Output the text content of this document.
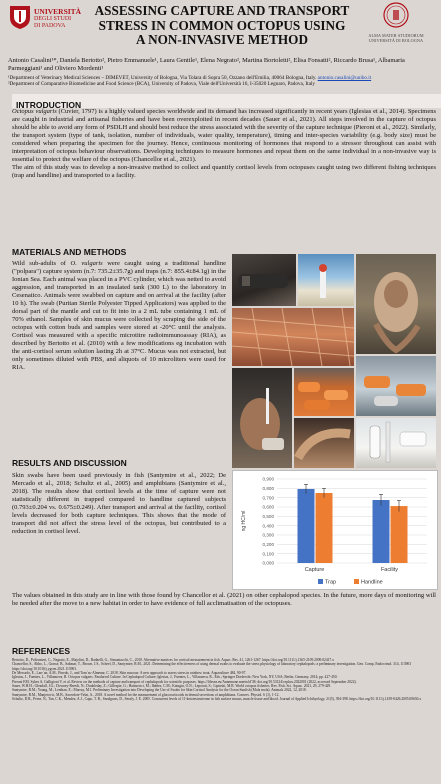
UNIVERSITÀ
DEGLI STUDI
DI PADOVA
ASSESSING CAPTURE AND TRANSPORT STRESS IN COMMON OCTOPUS USING A NON-INVASIVE METHOD	ALMA MATER STUDIORUM UNIVERSITÀ DI BOLOGNA
Antonio Casalini¹*, Daniela Bertotto², Pietro Emmanuele¹, Laura Gentile¹, Elena Negrato², Martina Bortoletti², Elisa Fonsatti², Riccardo Brusa¹, Albamaria Parmeggiani¹ and Oliviero Mordenti¹
¹Department of Veterinary Medical Sciences – DIMEVET, University of Bologna, Via Tolara di Sopra 50, Ozzano dell'Emilia, 40064 Bologna, Italy. antonio.casalini@unibo.it
²Department of Comparative Biomedicine and Food Science (BCA), University of Padova, Viale dell'Università 16, I-35020 Legnaro, Padova, Italy
INTRODUCTION
Octopus vulgaris (Cuvier, 1797) is a highly valued species worldwide and its demand has increased significantly in recent years (Iglesias et al., 2014). Specimens are caught in industrial and artisanal fisheries and have been overexploited in recent decades (Sauer et al., 2021). All steps involved in the capture of octopus should be able to avoid any form of PSDLH and should best reduce the stress associated with the severity of the capture technique (Pieroni et al., 2022). Similarly, the transport system (type of tank, isolation, number of individuals, water quality, temperature), timing and inter-species variability (e.g. body size) must be considered when preparing the specimen for the journey. Hence, continuous monitoring of hormones that respond to a stressor throughout can assist with interpretation of octopus behaviour observations. Developing techniques to measure hormones and repeat them on the same individual in a non-invasive way is essential to protect the welfare of the octopus (Chancellor et al., 2021).
The aim of this study was to develop a non-invasive method to collect and quantify cortisol levels from octopuses caught using two different fishing techniques (trap and handline) and transported to a facility.
MATERIALS AND METHODS
Wild sub-adults of O. vulgaris were caught using a traditional handline ("polpara") capture system (n.7: 735.2±35.7g) and traps (n.7: 855.4±84.1g) in the Ionian Sea. Each animal was placed in a PVC cylinder, which was netted to avoid aggression, and transported in an insulated tank (300 L) to the laboratory in Cesenatico. Animals were swabbed on capture and on arrival at the facility (after 10 h). The swab (Puritan Sterile Polyester Tipped Applicators) was applied to the dorsal part of the mantle and cut to fit into in a 2 mL tube containing 1 mL of 70% ethanol. Samples of skin mucus were collected by scraping the side of the octopus with cotton buds and samples were stored at -20°C until the analysis. Cortisol was measured with a specific microtitre radioimmunoassay (RIA), as described by Bertotto et al. (2010) with a few modifications eg incubation with the anti-cortisol serum solution lasting 2h at 37°C. Mucus was not extracted, but only sometimes diluted with PBS, and aliquots of 10 microliters were used for RIA.
RESULTS AND DISCUSSION
Skin swabs have been used previously in fish (Santymire et al., 2022; De Mercado et al., 2018; Schultz et al., 2005) and amphibians (Santymire et al., 2018). The results show that cortisol levels at the time of capture were not statistically different in trapped compared to handline captured subjects (0.793±0.204 vs. 0.675±0.249). After transport and arrival at the facility, cortisol levels decreased for both capture techniques. This shows that the mode of transport did not affect the stress level of the octopus, but contributed to a reduction in cortisol level.
0,000
0,100
0,200
0,300
0,400
0,500
0,600
0,700
0,800
0,900
ng HC/ml
Capture	Facility
Trap	Handline
The values obtained in this study are in line with those found by Chancellor et al. (2021) on other cephalopod species. In the future, more days of monitoring will be needed after the move to a new habitat in order to have evidence of full acclimatisation of the octopuses.
REFERENCES
Bertotto, D., Poltronieri, C., Negrato, E., Majolini, D., Radaelli, G., Simontacchi, C., 2010. Alternative matrices for cortisol measurement in fish. Aquac. Res. 41, 1261-1267. https://doi.org/10.1111/j.1365-2109.2009.02417.x
Chancellor, S., Abbo, L., Grasse, B., Sakmar, T., Brown, J.S., Scheel, D., Santymire, R.M., 2021. Determining the effectiveness of using dermal swabs to evaluate the stress physiology of laboratory cephalopods: a preliminary investigation. Gen. Comp. Endocrinol. 314, 113903 https://doi.org/10.1016/j.ygcen.2021.113903.
De Mercado, E., Larr´an, A.M., Pinedo, J., and Tom´as-Almenar, C. 2018. Skin mucous: A new approach to assess stress in rainbow trout. Aquaculture 484, 90-97.
Iglesias, J., Fuentes, L., Villanueva, R. Octopus vulgaris. Paralarval Culture. In Cephalopod Culture; Iglesias, J., Fuentes, L., Villanueva, R., Eds.; Springer Dordrecht: New York, NY, USA; Berlin, Germany, 2014; pp. 427-450.
Pieroni EM, Sykes A, Galligioni V, et al. Review on the methods of capture and transport of cephalopods for scientific purposes. https://lifesea.eu/Annemone.meets/id'38; doi.org/10.53124/cephos.2022001 (2022, accessed September 2022).
Sauer, W.H.H.; Gleadall, I.G.; Downey-Breedt, N.; Doubleday, Z.; Gillespie, G.; Haimovici, M.; Ibáñez, C.M.; Katugin, O.N.; Leporati, S.; Lipinski, M.R. World octopus fisheries. Rev. Fish. Sci. Aquac. 2021, 29, 279-429.
Santymire, R.M.; Young, M.; Lenihan, E.; Murray, M.J. Preliminary Investigation into Developing the Use of Swabs for Skin Cortisol Analysis for the Ocean Sunfish (Mola mola). Animals 2022, 12, 2018.
Santymire, R.M., Manjerovic, M.B., Sacerdote-Velat, A., 2018. A novel method for the measurement of glucocorticoids in dermal secretions of amphibians. Conserv. Physiol. 6 (1), 1-12.
Schultz, D.R., Perez, N., Tan, C.K., Mendez, A.J., Capo, T. R., Snodgrass, D., Serafy, J. E. 2005. Concurrent levels of 11-ketotestosterone in fish surface mucus, muscle tissue and blood. Journal of Applied Ichthyology, 21(5), 394-398. https://doi.org/10.1111/j.1439-0426.2005.00650.x
